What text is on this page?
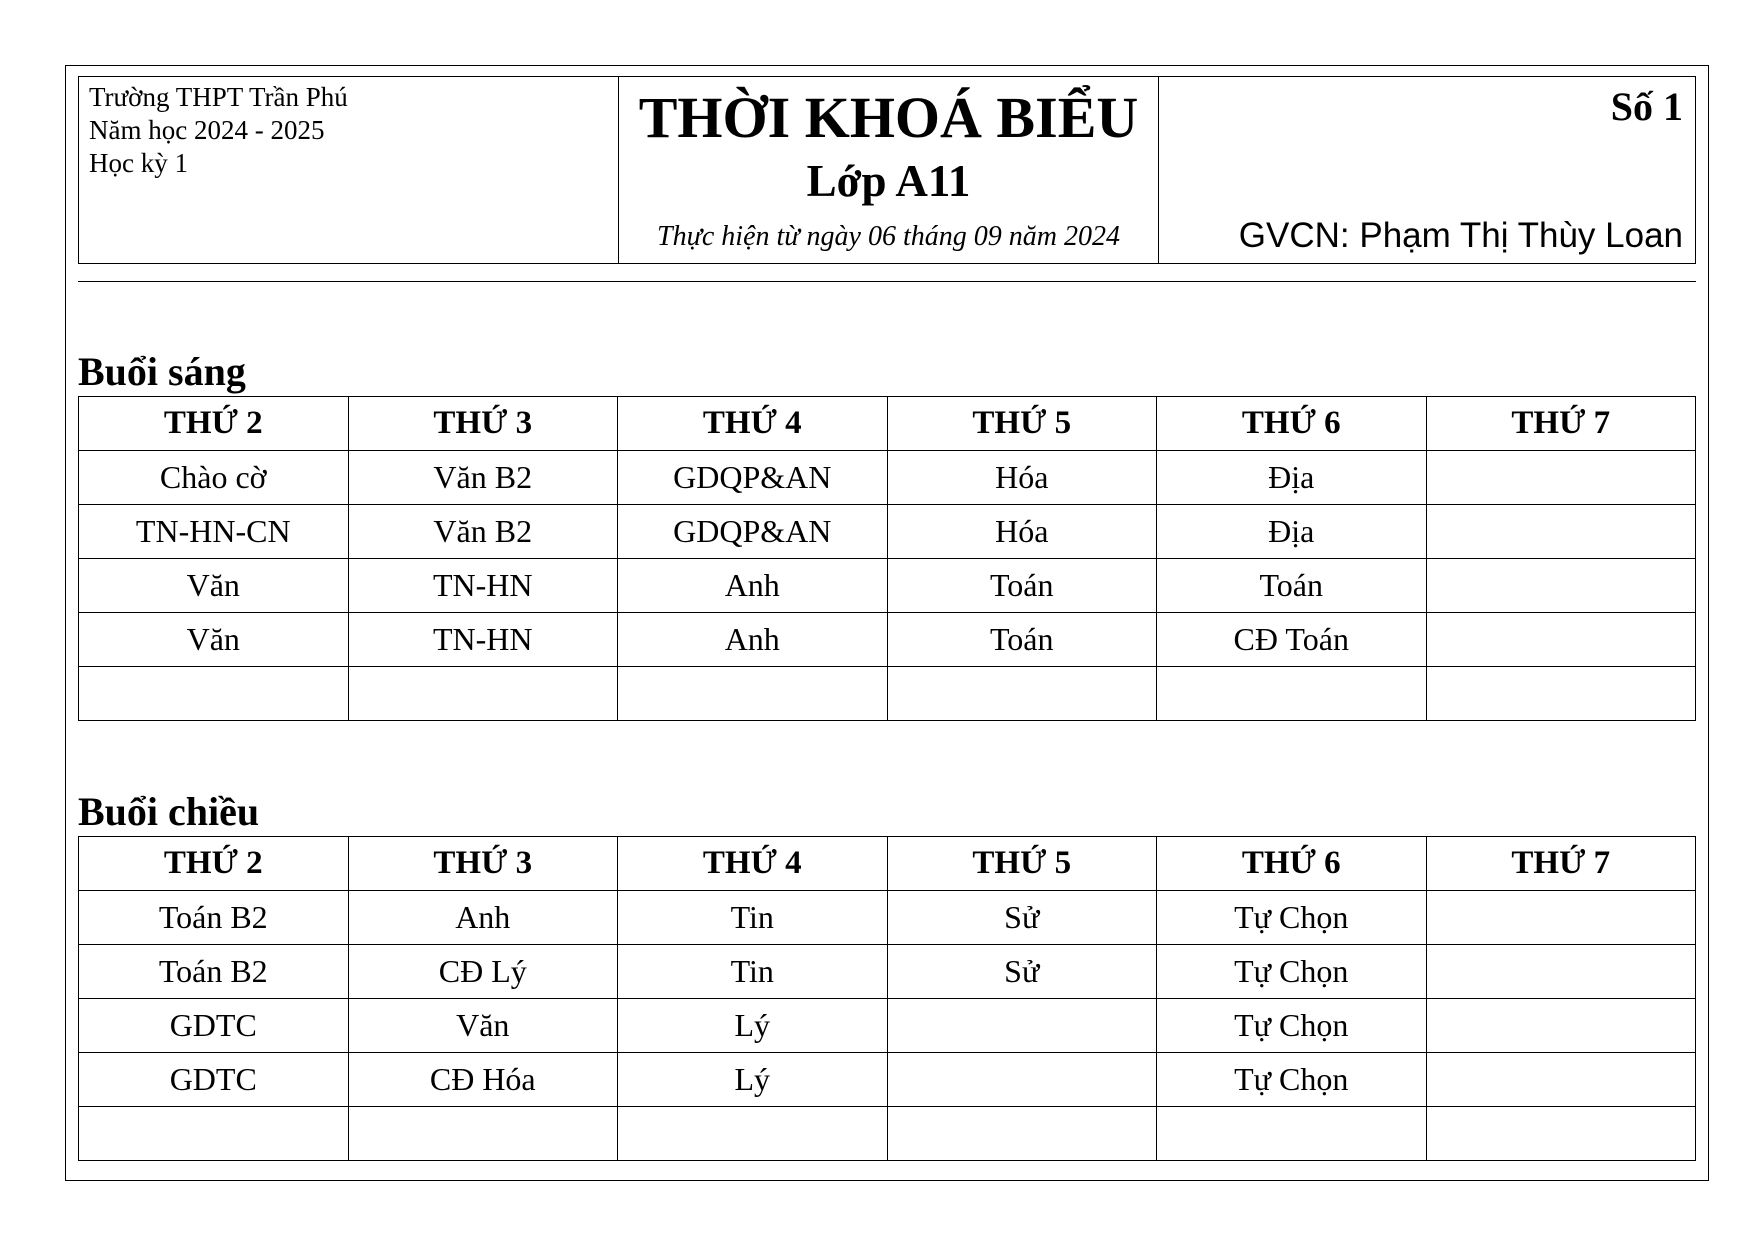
Trường THPT Trần Phú
Năm học 2024 - 2025
Học kỳ 1
THỜI KHOÁ BIỂU
Lớp A11
Thực hiện từ ngày 06 tháng 09 năm 2024
Số 1
GVCN: Phạm Thị Thùy Loan
Buổi sáng
THỨ 2	THỨ 3	THỨ 4	THỨ 5	THỨ 6	THỨ 7
Chào cờ	Văn B2	GDQP&AN	Hóa	Địa	
TN-HN-CN	Văn B2	GDQP&AN	Hóa	Địa	
Văn	TN-HN	Anh	Toán	Toán	
Văn	TN-HN	Anh	Toán	CĐ Toán	

Buổi chiều
THỨ 2	THỨ 3	THỨ 4	THỨ 5	THỨ 6	THỨ 7
Toán B2	Anh	Tin	Sử	Tự Chọn	
Toán B2	CĐ Lý	Tin	Sử	Tự Chọn	
GDTC	Văn	Lý		Tự Chọn	
GDTC	CĐ Hóa	Lý		Tự Chọn	
